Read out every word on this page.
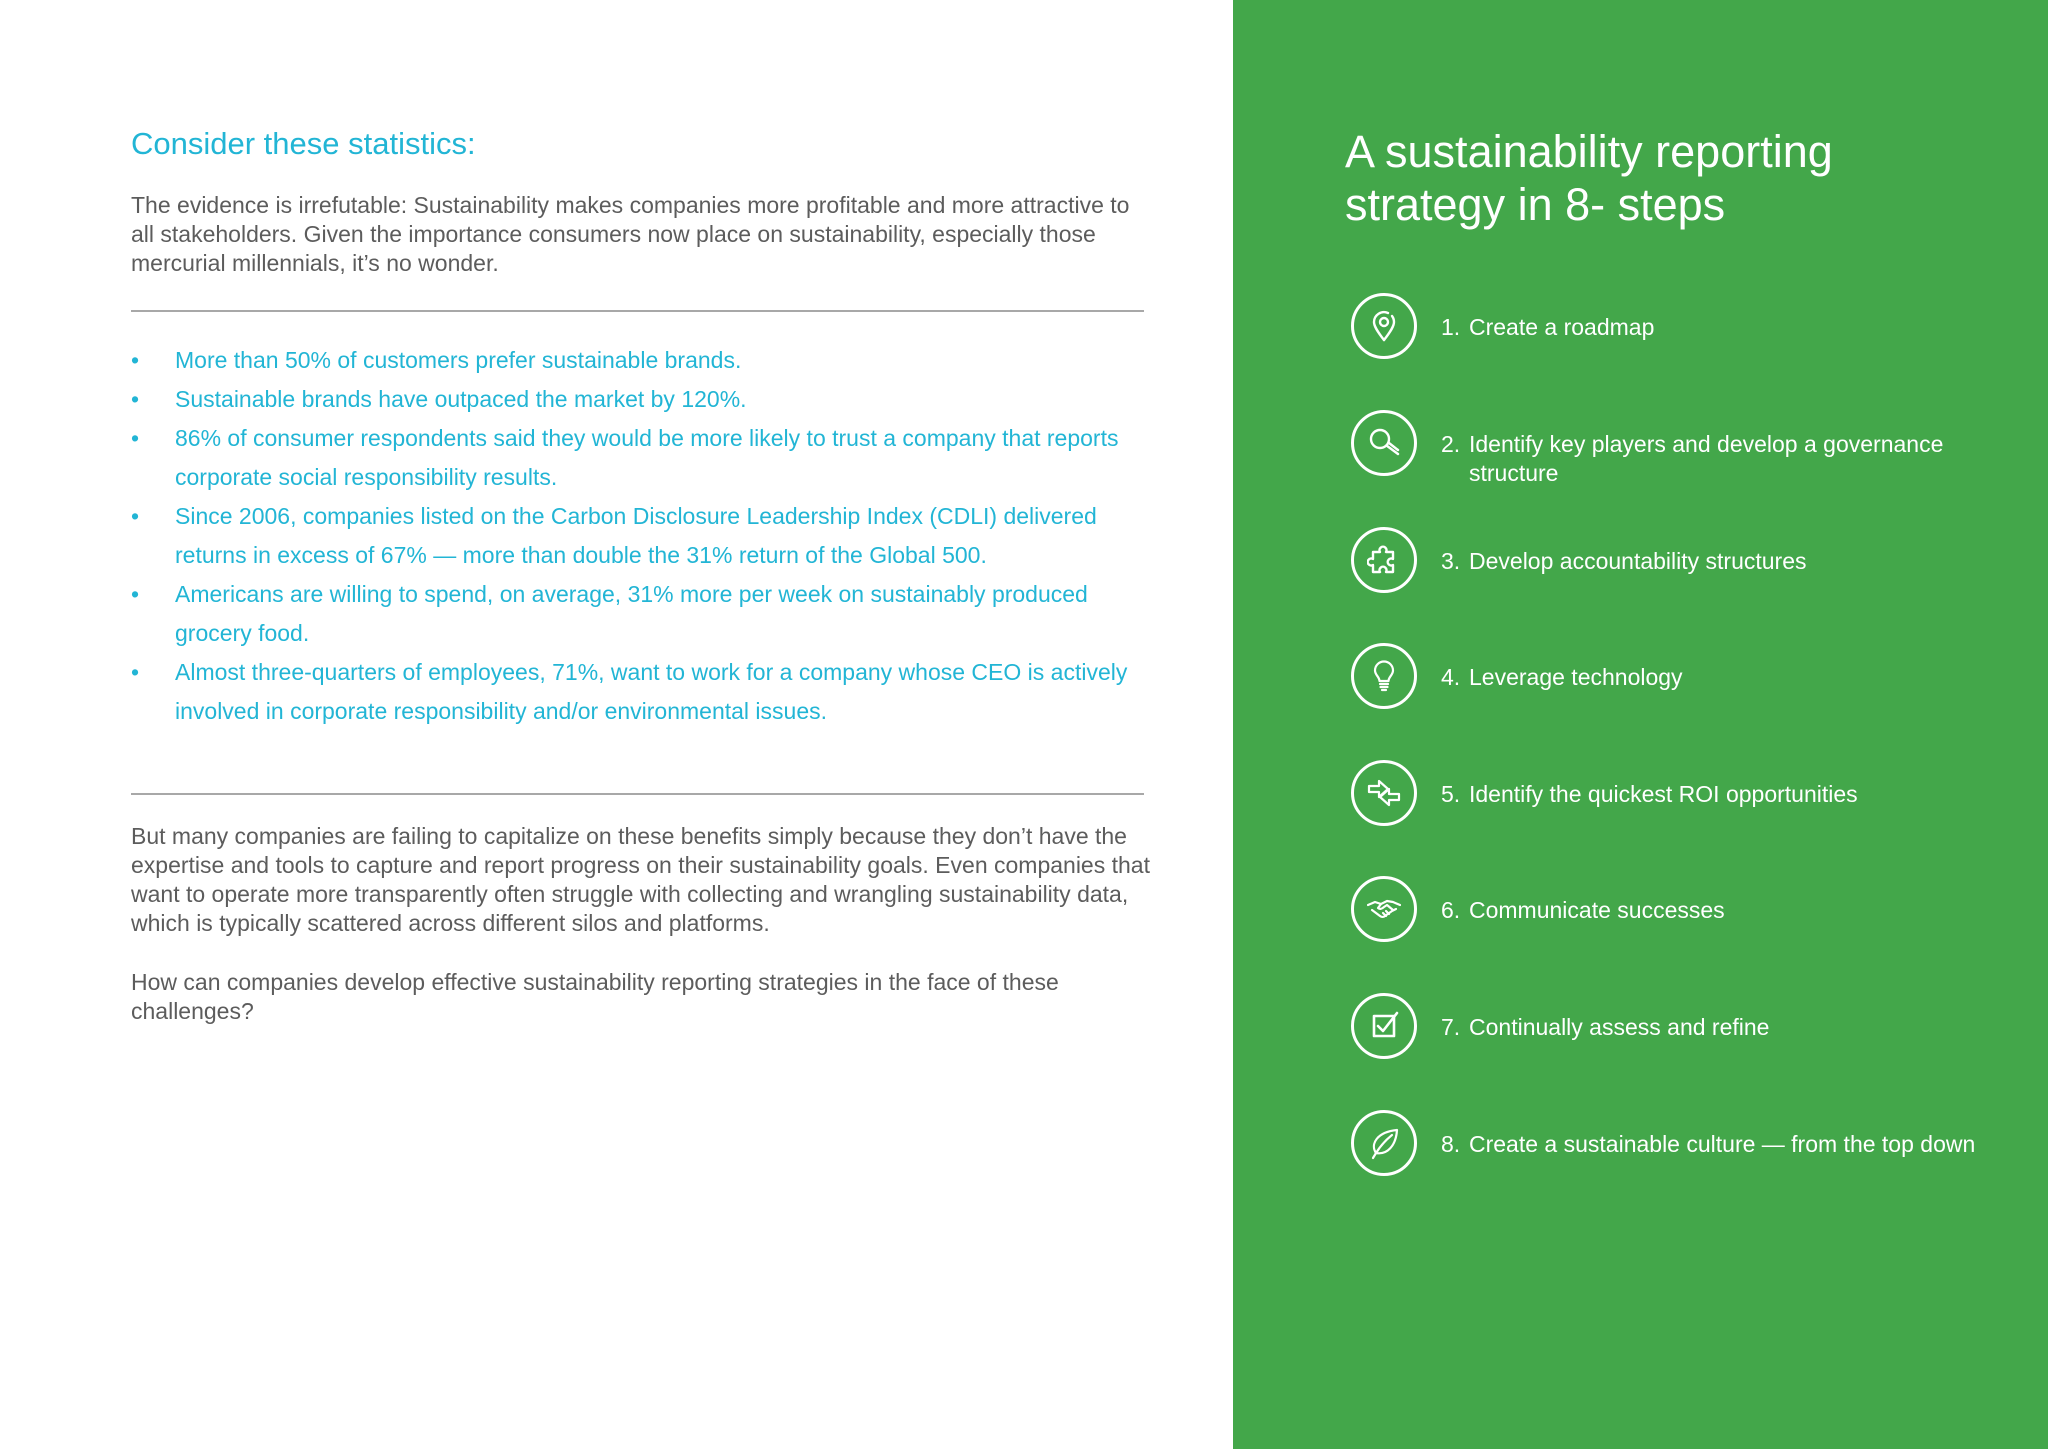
Consider these statistics:

The evidence is irrefutable: Sustainability makes companies more profitable and more attractive to all stakeholders. Given the importance consumers now place on sustainability, especially those mercurial millennials, it’s no wonder.

• More than 50% of customers prefer sustainable brands.
• Sustainable brands have outpaced the market by 120%.
• 86% of consumer respondents said they would be more likely to trust a company that reports corporate social responsibility results.
• Since 2006, companies listed on the Carbon Disclosure Leadership Index (CDLI) delivered returns in excess of 67% — more than double the 31% return of the Global 500.
• Americans are willing to spend, on average, 31% more per week on sustainably produced grocery food.
• Almost three-quarters of employees, 71%, want to work for a company whose CEO is actively involved in corporate responsibility and/or environmental issues.

But many companies are failing to capitalize on these benefits simply because they don’t have the expertise and tools to capture and report progress on their sustainability goals. Even companies that want to operate more transparently often struggle with collecting and wrangling sustainability data, which is typically scattered across different silos and platforms.

How can companies develop effective sustainability reporting strategies in the face of these challenges?

A sustainability reporting strategy in 8- steps
1. Create a roadmap
2. Identify key players and develop a governance structure
3. Develop accountability structures
4. Leverage technology
5. Identify the quickest ROI opportunities
6. Communicate successes
7. Continually assess and refine
8. Create a sustainable culture — from the top down
